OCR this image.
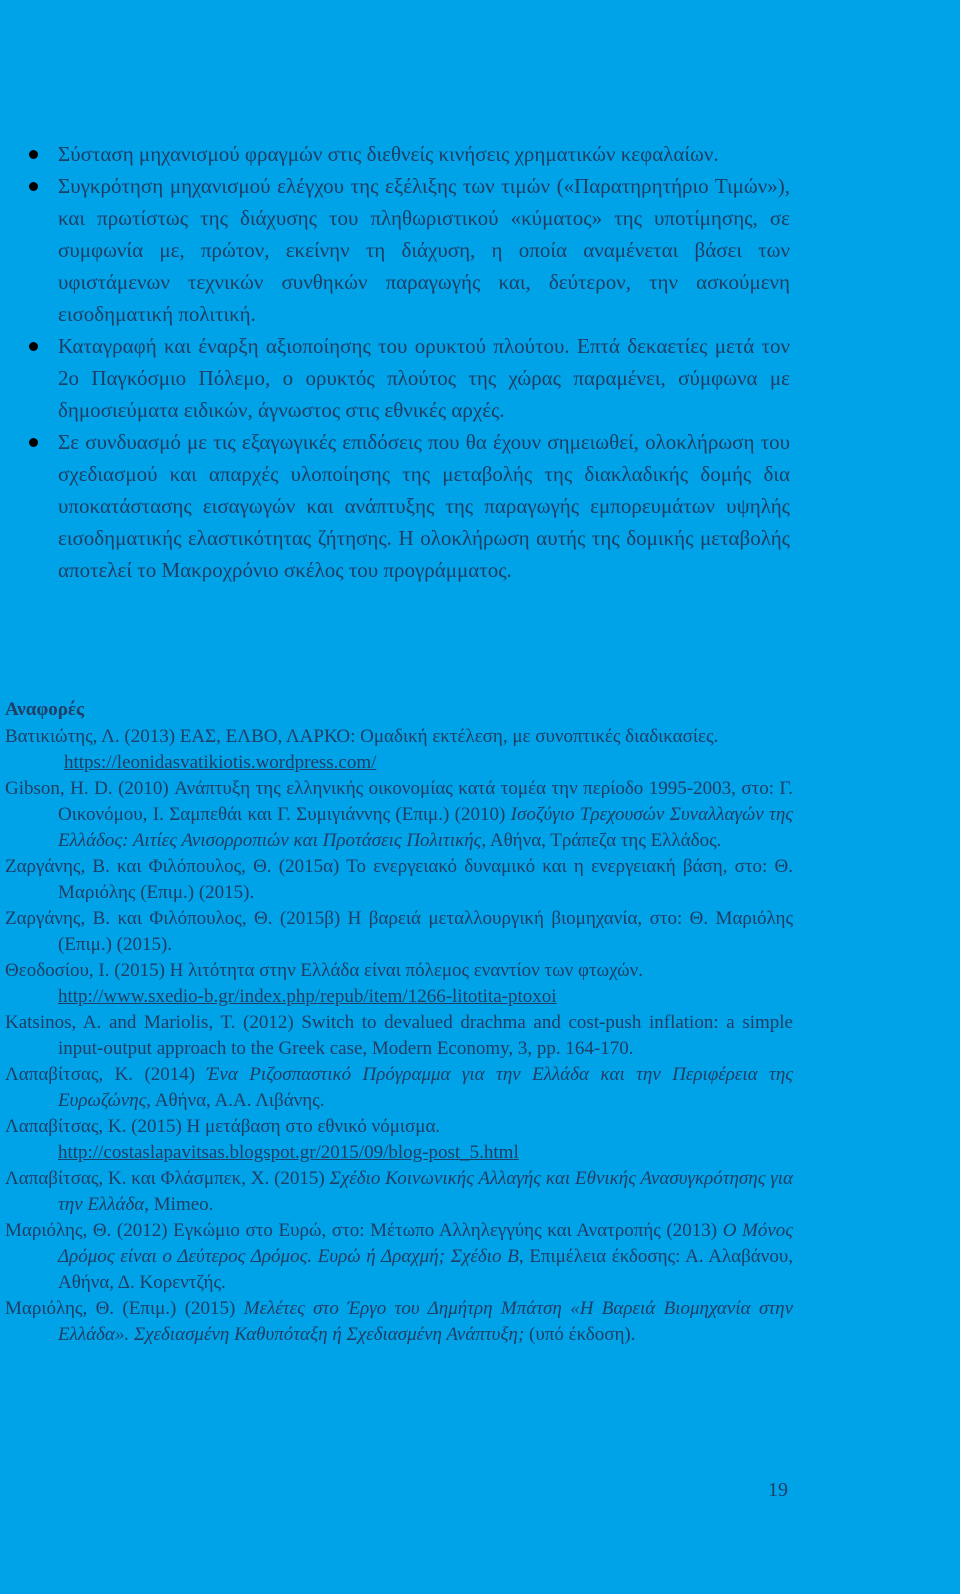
Σύσταση μηχανισμού φραγμών στις διεθνείς κινήσεις χρηματικών κεφαλαίων.
Συγκρότηση μηχανισμού ελέγχου της εξέλιξης των τιμών («Παρατηρητήριο Τιμών»), και πρωτίστως της διάχυσης του πληθωριστικού «κύματος» της υποτίμησης, σε συμφωνία με, πρώτον, εκείνην τη διάχυση, η οποία αναμένεται βάσει των υφιστάμενων τεχνικών συνθηκών παραγωγής και, δεύτερον, την ασκούμενη εισοδηματική πολιτική.
Καταγραφή και έναρξη αξιοποίησης του ορυκτού πλούτου. Επτά δεκαετίες μετά τον 2ο Παγκόσμιο Πόλεμο, ο ορυκτός πλούτος της χώρας παραμένει, σύμφωνα με δημοσιεύματα ειδικών, άγνωστος στις εθνικές αρχές.
Σε συνδυασμό με τις εξαγωγικές επιδόσεις που θα έχουν σημειωθεί, ολοκλήρωση του σχεδιασμού και απαρχές υλοποίησης της μεταβολής της διακλαδικής δομής δια υποκατάστασης εισαγωγών και ανάπτυξης της παραγωγής εμπορευμάτων υψηλής εισοδηματικής ελαστικότητας ζήτησης. Η ολοκλήρωση αυτής της δομικής μεταβολής αποτελεί το Μακροχρόνιο σκέλος του προγράμματος.
Αναφορές
Βατικιώτης, Λ. (2013) ΕΑΣ, ΕΛΒΟ, ΛΑΡΚΟ: Ομαδική εκτέλεση, με συνοπτικές διαδικασίες.
https://leonidasvatikiotis.wordpress.com/
Gibson, H. D. (2010) Ανάπτυξη της ελληνικής οικονομίας κατά τομέα την περίοδο 1995-2003, στο: Γ. Οικονόμου, Ι. Σαμπεθάι και Γ. Συμιγιάννης (Επιμ.) (2010) Ισοζύγιο Τρεχουσών Συναλλαγών της Ελλάδος: Αιτίες Ανισορροπιών και Προτάσεις Πολιτικής, Αθήνα, Τράπεζα της Ελλάδος.
Ζαργάνης, Β. και Φιλόπουλος, Θ. (2015α) Το ενεργειακό δυναμικό και η ενεργειακή βάση, στο: Θ. Μαριόλης (Επιμ.) (2015).
Ζαργάνης, Β. και Φιλόπουλος, Θ. (2015β) Η βαρειά μεταλλουργική βιομηχανία, στο: Θ. Μαριόλης (Επιμ.) (2015).
Θεοδοσίου, Ι. (2015) Η λιτότητα στην Ελλάδα είναι πόλεμος εναντίον των φτωχών.
http://www.sxedio-b.gr/index.php/repub/item/1266-litotita-ptoxoi
Katsinos, A. and Mariolis, T. (2012) Switch to devalued drachma and cost-push inflation: a simple input-output approach to the Greek case, Modern Economy, 3, pp. 164-170.
Λαπαβίτσας, Κ. (2014) Ένα Ριζοσπαστικό Πρόγραμμα για την Ελλάδα και την Περιφέρεια της Ευρωζώνης, Αθήνα, Α.Α. Λιβάνης.
Λαπαβίτσας, Κ. (2015) Η μετάβαση στο εθνικό νόμισμα.
http://costaslapavitsas.blogspot.gr/2015/09/blog-post_5.html
Λαπαβίτσας, Κ. και Φλάσμπεκ, Χ. (2015) Σχέδιο Κοινωνικής Αλλαγής και Εθνικής Ανασυγκρότησης για την Ελλάδα, Mimeo.
Μαριόλης, Θ. (2012) Εγκώμιο στο Ευρώ, στο: Μέτωπο Αλληλεγγύης και Ανατροπής (2013) Ο Μόνος Δρόμος είναι ο Δεύτερος Δρόμος. Ευρώ ή Δραχμή; Σχέδιο Β, Επιμέλεια έκδοσης: Α. Αλαβάνου, Αθήνα, Δ. Κορεντζής.
Μαριόλης, Θ. (Επιμ.) (2015) Μελέτες στο Έργο του Δημήτρη Μπάτση «Η Βαρειά Βιομηχανία στην Ελλάδα». Σχεδιασμένη Καθυπόταξη ή Σχεδιασμένη Ανάπτυξη; (υπό έκδοση).
19
